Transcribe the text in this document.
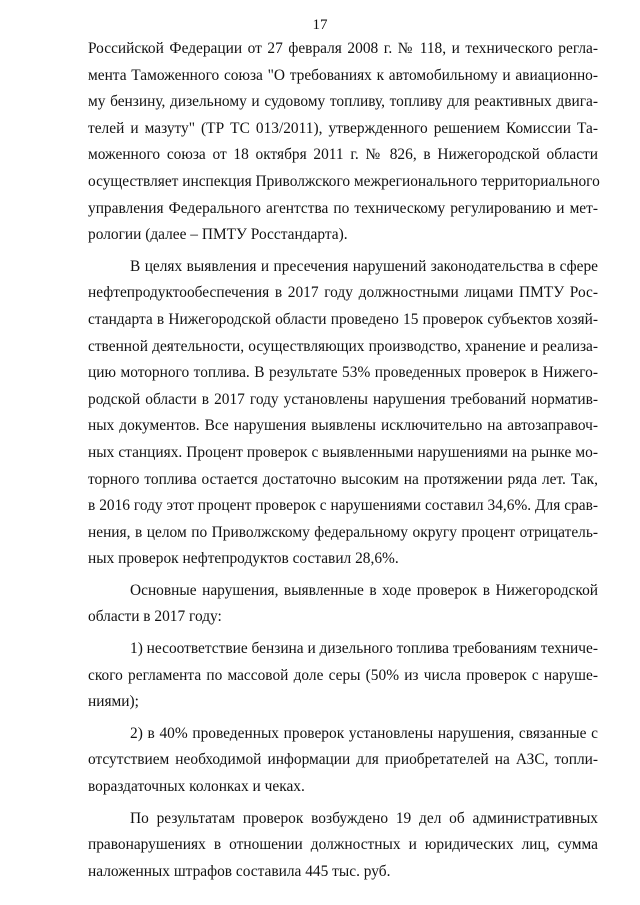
17
Российской Федерации от 27 февраля 2008 г. № 118, и технического регла-
мента Таможенного союза "О требованиях к автомобильному и авиационно-
му бензину, дизельному и судовому топливу, топливу для реактивных двига-
телей и мазуту" (ТР ТС 013/2011), утвержденного решением Комиссии Та-
моженного союза от 18 октября 2011 г. № 826, в Нижегородской области
осуществляет инспекция Приволжского межрегионального территориального
управления Федерального агентства по техническому регулированию и мет-
рологии (далее – ПМТУ Росстандарта).
В целях выявления и пресечения нарушений законодательства в сфере
нефтепродуктообеспечения в 2017 году должностными лицами ПМТУ Рос-
стандарта в Нижегородской области проведено 15 проверок субъектов хозяй-
ственной деятельности, осуществляющих производство, хранение и реализа-
цию моторного топлива. В результате 53% проведенных проверок в Нижего-
родской области в 2017 году установлены нарушения требований норматив-
ных документов. Все нарушения выявлены исключительно на автозаправоч-
ных станциях. Процент проверок с выявленными нарушениями на рынке мо-
торного топлива остается достаточно высоким на протяжении ряда лет. Так,
в 2016 году этот процент проверок с нарушениями составил 34,6%. Для срав-
нения, в целом по Приволжскому федеральному округу процент отрицатель-
ных проверок нефтепродуктов составил 28,6%.
Основные нарушения, выявленные в ходе проверок в Нижегородской
области в 2017 году:
1) несоответствие бензина и дизельного топлива требованиям техниче-
ского регламента по массовой доле серы (50% из числа проверок с наруше-
ниями);
2) в 40% проведенных проверок установлены нарушения, связанные с
отсутствием необходимой информации для приобретателей на АЗС, топли-
вораздаточных колонках и чеках.
По результатам проверок возбуждено 19 дел об административных
правонарушениях в отношении должностных и юридических лиц, сумма
наложенных штрафов составила 445 тыс. руб.
